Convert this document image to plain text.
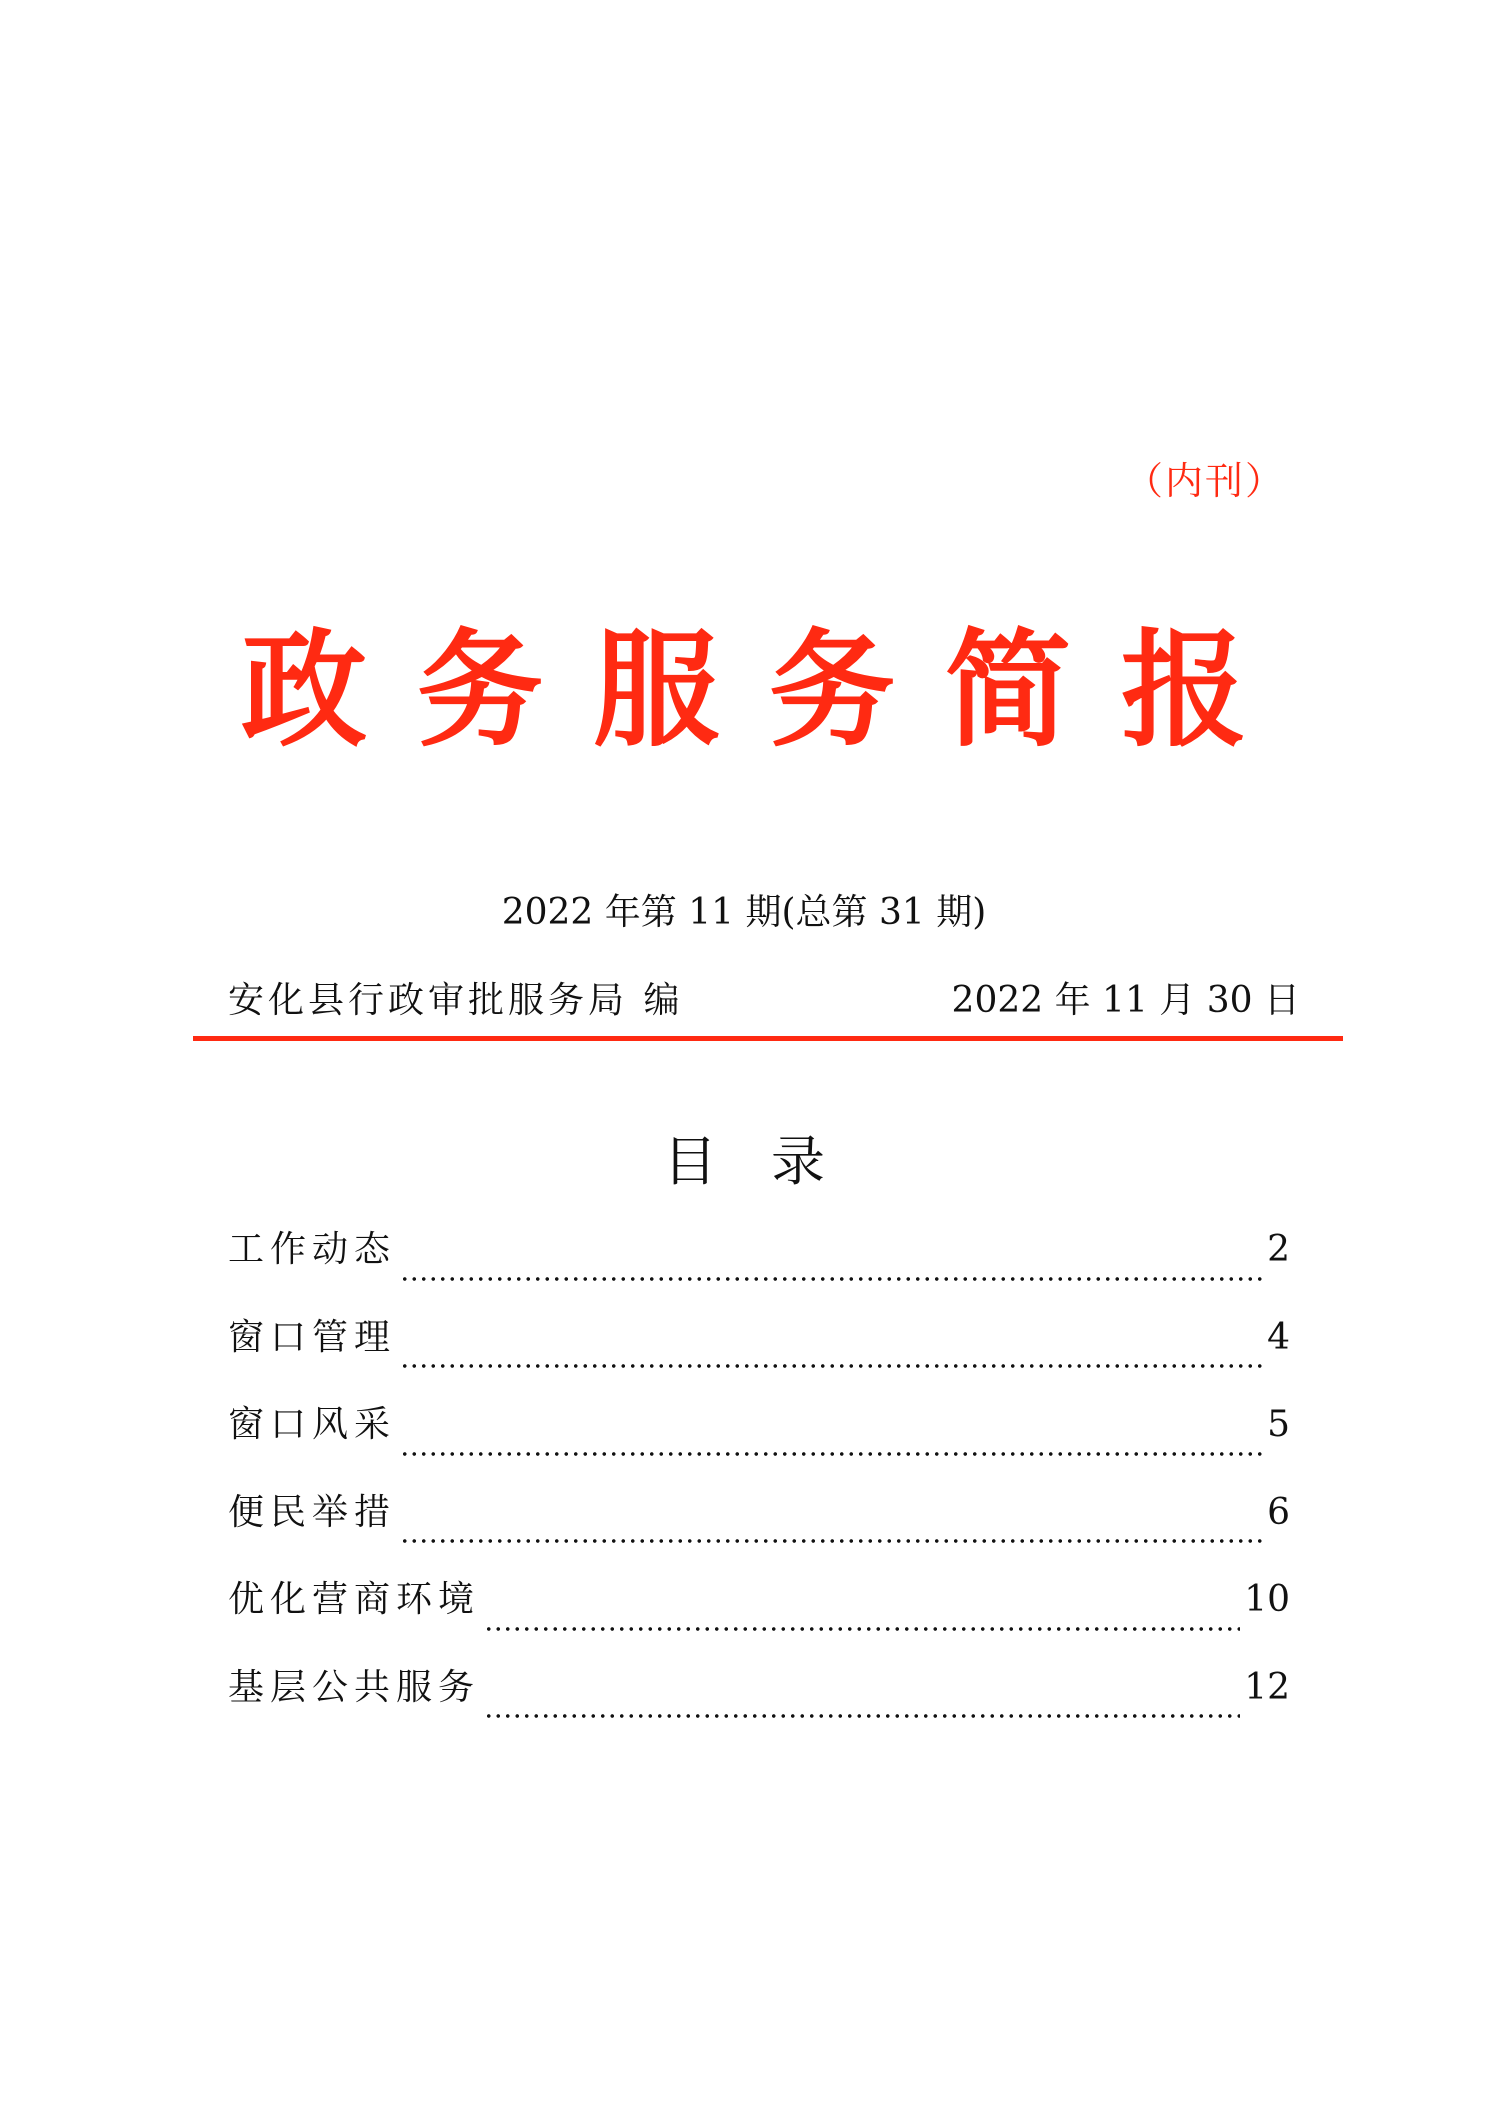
（内刊）
政务服务简报
2022 年第 11 期(总第 31 期)
安化县行政审批服务局 编	2022 年 11 月 30 日
目录
工作动态	2
窗口管理	4
窗口风采	5
便民举措	6
优化营商环境	10
基层公共服务	12
